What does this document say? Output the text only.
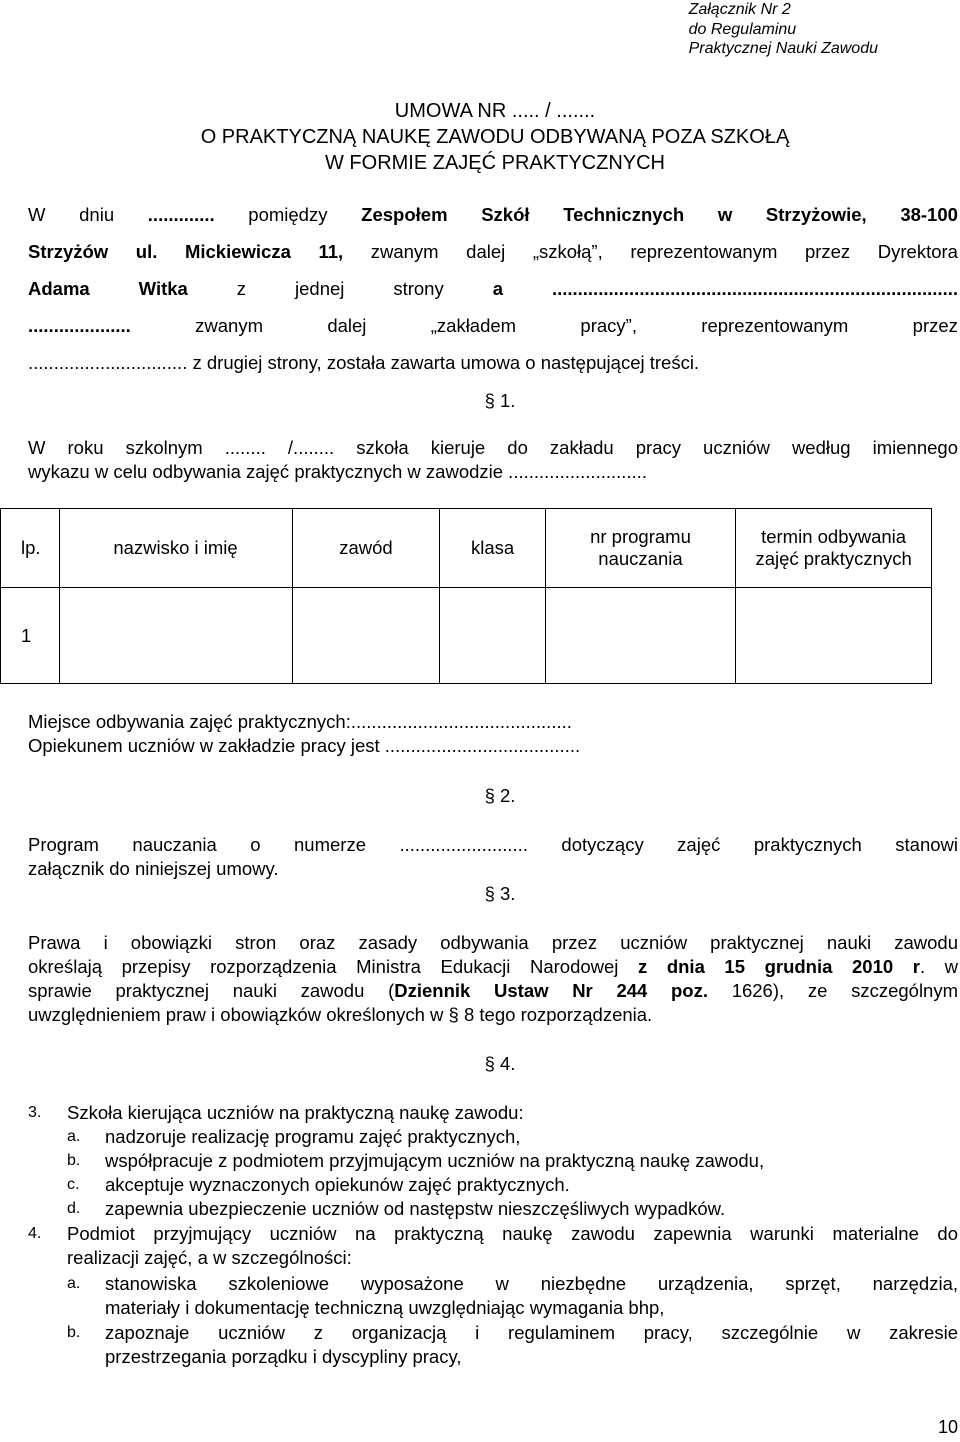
Załącznik Nr 2
do Regulaminu
Praktycznej Nauki Zawodu
UMOWA NR ..... / .......
O PRAKTYCZNĄ NAUKĘ ZAWODU ODBYWANĄ POZA SZKOŁĄ
W FORMIE ZAJĘĆ PRAKTYCZNYCH
W dniu ............. pomiędzy Zespołem Szkół Technicznych w Strzyżowie, 38-100
Strzyżów ul. Mickiewicza 11, zwanym dalej „szkołą”, reprezentowanym przez Dyrektora
Adama	Witka	z	jednej	strony	a	...............................................................................
....................	zwanym	dalej	„zakładem	pracy”,	reprezentowanym	przez
............................... z drugiej strony, została zawarta umowa o następującej treści.
§ 1.
W roku szkolnym ........ /........ szkoła kieruje do zakładu pracy uczniów według imiennego
wykazu w celu odbywania zajęć praktycznych w zawodzie ...........................
lp.	nazwisko i imię	zawód	klasa	nr programu nauczania	termin odbywania zajęć praktycznych
1					
Miejsce odbywania zajęć praktycznych:...........................................
Opiekunem uczniów w zakładzie pracy jest ......................................
§ 2.
Program nauczania o numerze ......................... dotyczący zajęć praktycznych stanowi
załącznik do niniejszej umowy.
§ 3.
Prawa i obowiązki stron oraz zasady odbywania przez uczniów praktycznej nauki zawodu
określają przepisy rozporządzenia Ministra Edukacji Narodowej z dnia 15 grudnia 2010 r. w
sprawie praktycznej nauki zawodu (Dziennik Ustaw Nr 244 poz. 1626), ze szczególnym
uwzględnieniem praw i obowiązków określonych w § 8 tego rozporządzenia.
§ 4.
3. Szkoła kierująca uczniów na praktyczną naukę zawodu:
a. nadzoruje realizację programu zajęć praktycznych,
b. współpracuje z podmiotem przyjmującym uczniów na praktyczną naukę zawodu,
c. akceptuje wyznaczonych opiekunów zajęć praktycznych.
d. zapewnia ubezpieczenie uczniów od następstw nieszczęśliwych wypadków.
4. Podmiot przyjmujący uczniów na praktyczną naukę zawodu zapewnia warunki materialne do
realizacji zajęć, a w szczególności:
a. stanowiska szkoleniowe wyposażone w niezbędne urządzenia, sprzęt, narzędzia,
materiały i dokumentację techniczną uwzględniając wymagania bhp,
b. zapoznaje uczniów z organizacją i regulaminem pracy, szczególnie w zakresie
przestrzegania porządku i dyscypliny pracy,
10
